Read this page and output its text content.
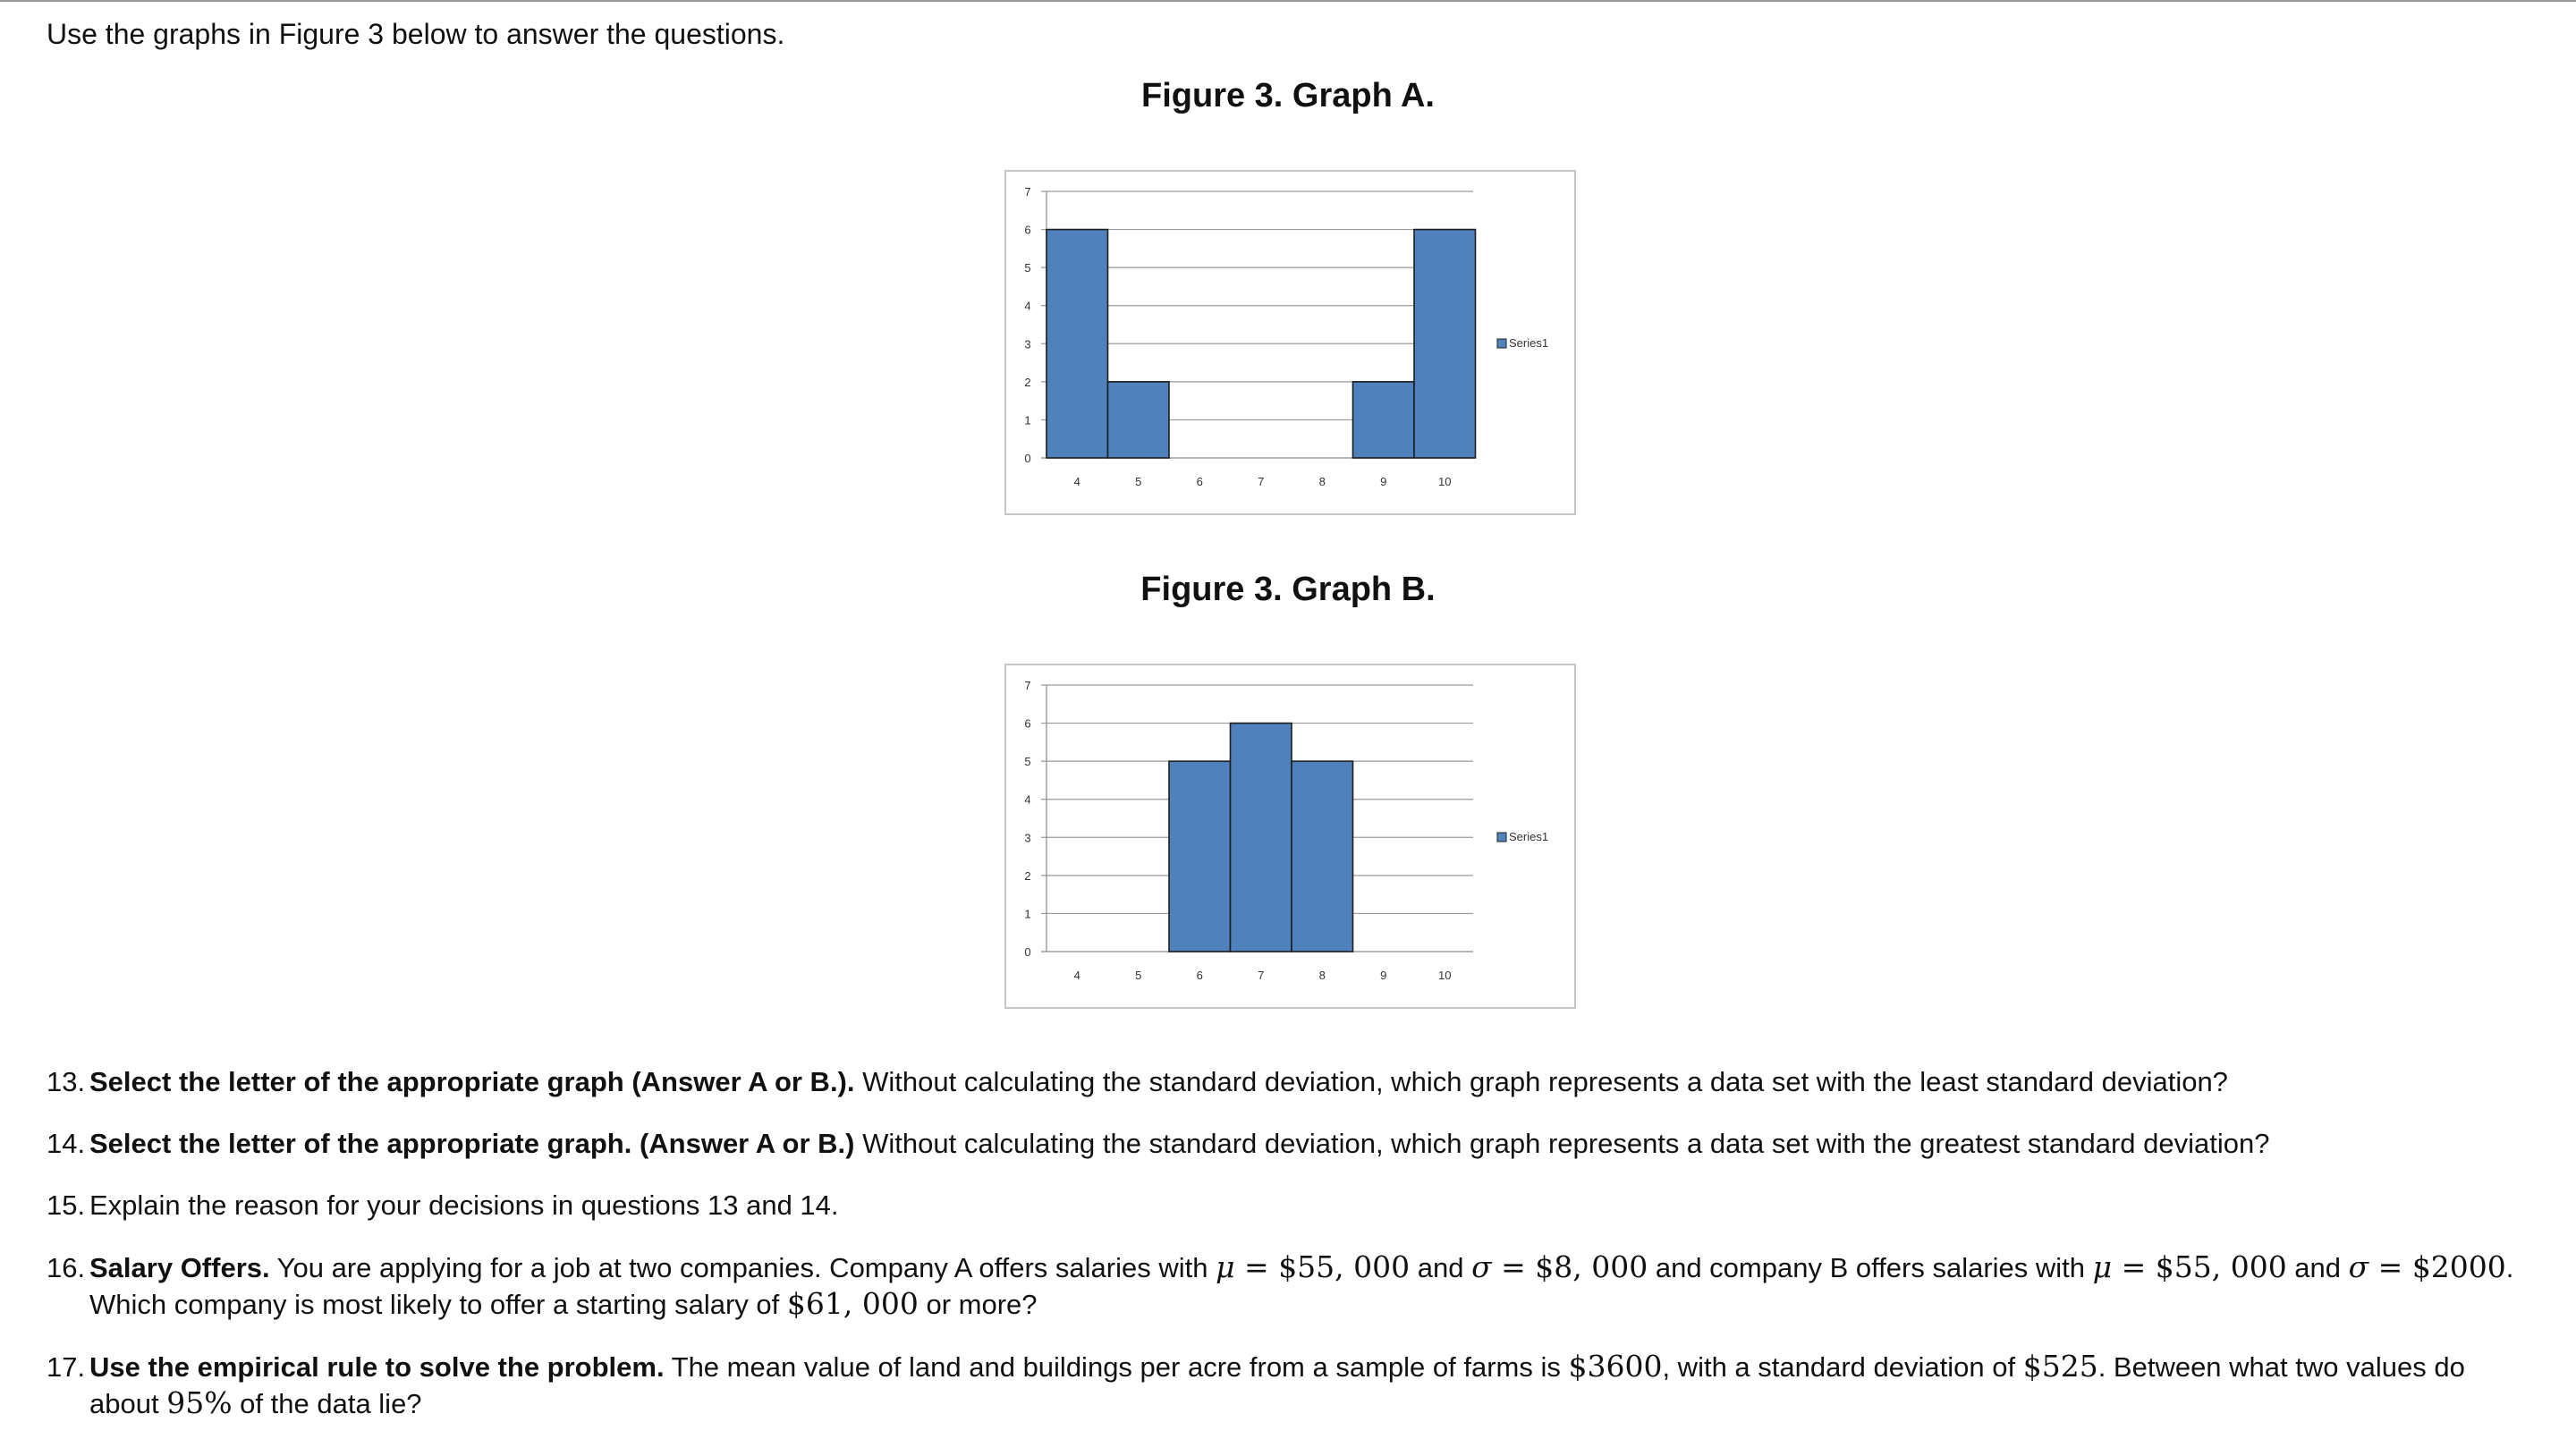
Use the graphs in Figure 3 below to answer the questions.
Figure 3. Graph A.
0
1
2
3
4
5
6
7
4	5	6	7	8	9	10
Series1
Figure 3. Graph B.
0
1
2
3
4
5
6
7
4	5	6	7	8	9	10
Series1
13. Select the letter of the appropriate graph (Answer A or B.). Without calculating the standard deviation, which graph represents a data set with the least standard deviation?
14. Select the letter of the appropriate graph. (Answer A or B.) Without calculating the standard deviation, which graph represents a data set with the greatest standard deviation?
15. Explain the reason for your decisions in questions 13 and 14.
16. Salary Offers. You are applying for a job at two companies. Company A offers salaries with μ = $55, 000 and σ = $8, 000 and company B offers salaries with μ = $55, 000 and σ = $2000. Which company is most likely to offer a starting salary of $61, 000 or more?
17. Use the empirical rule to solve the problem. The mean value of land and buildings per acre from a sample of farms is $3600, with a standard deviation of $525. Between what two values do about 95% of the data lie?
